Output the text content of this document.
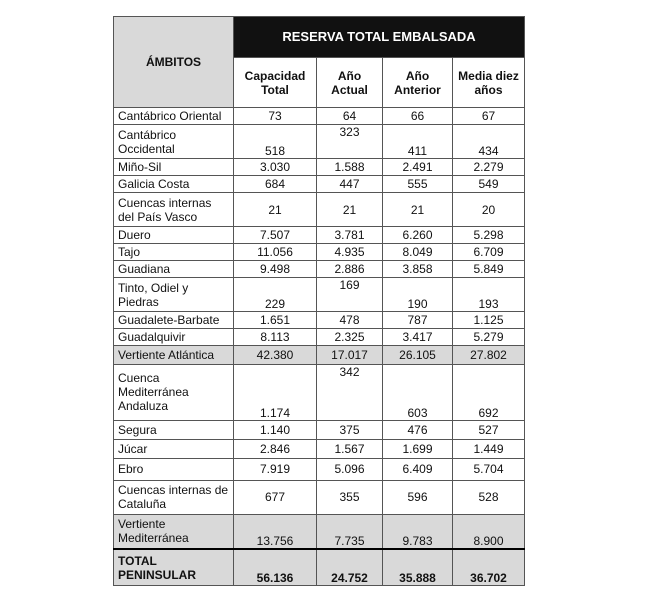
ÁMBITOS	RESERVA TOTAL EMBALSADA			
	Capacidad Total	Año Actual	Año Anterior	Media diez años
Cantábrico Oriental	73	64	66	67
Cantábrico Occidental	518	323	411	434
Miño-Sil	3.030	1.588	2.491	2.279
Galicia Costa	684	447	555	549
Cuencas internas del País Vasco	21	21	21	20
Duero	7.507	3.781	6.260	5.298
Tajo	11.056	4.935	8.049	6.709
Guadiana	9.498	2.886	3.858	5.849
Tinto, Odiel y Piedras	229	169	190	193
Guadalete-Barbate	1.651	478	787	1.125
Guadalquivir	8.113	2.325	3.417	5.279
Vertiente Atlántica	42.380	17.017	26.105	27.802
Cuenca Mediterránea Andaluza	1.174	342	603	692
Segura	1.140	375	476	527
Júcar	2.846	1.567	1.699	1.449
Ebro	7.919	5.096	6.409	5.704
Cuencas internas de Cataluña	677	355	596	528
Vertiente Mediterránea	13.756	7.735	9.783	8.900
TOTAL PENINSULAR	56.136	24.752	35.888	36.702
